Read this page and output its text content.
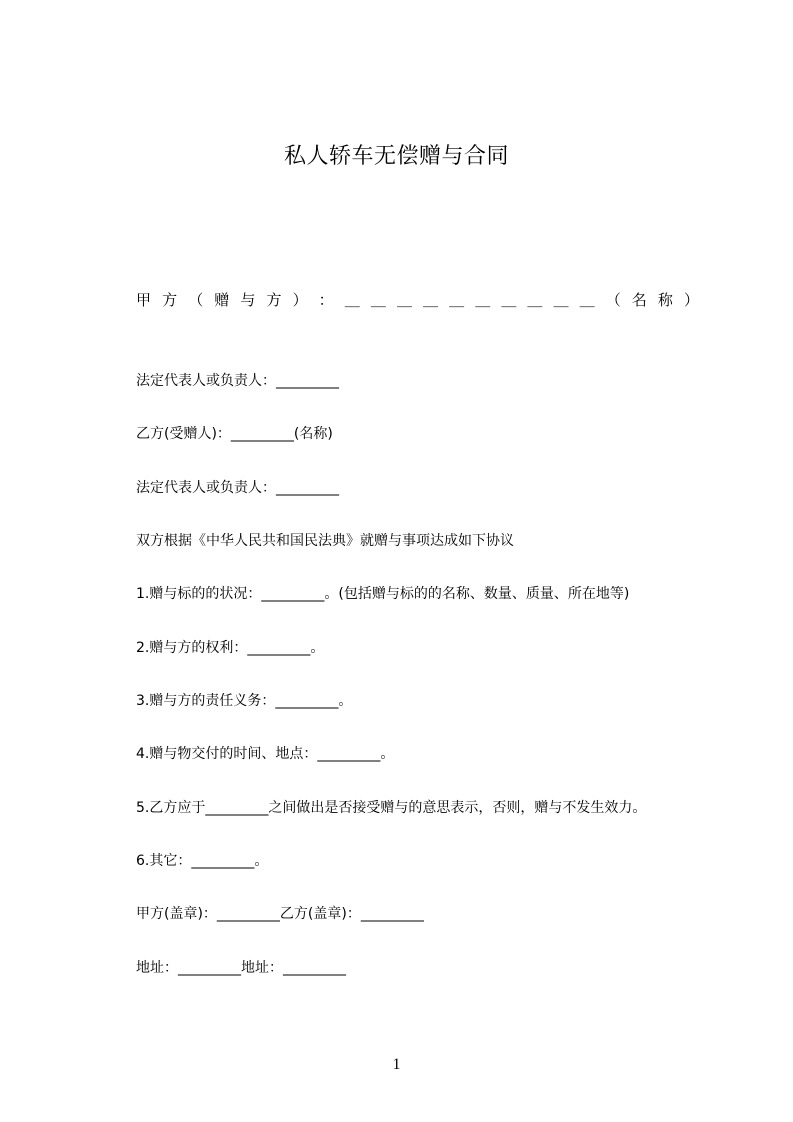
私人轿车无偿赠与合同
甲 方 （ 赠 与 方 ） ： ＿ ＿ ＿ ＿ ＿ ＿ ＿ ＿ ＿ ＿ （ 名 称 ）
法定代表人或负责人：_________
乙方(受赠人)：_________(名称)
法定代表人或负责人：_________
双方根据《中华人民共和国民法典》就赠与事项达成如下协议
1.赠与标的的状况：_________。(包括赠与标的的名称、数量、质量、所在地等)
2.赠与方的权利：_________。
3.赠与方的责任义务：_________。
4.赠与物交付的时间、地点：_________。
5.乙方应于_________之间做出是否接受赠与的意思表示，否则，赠与不发生效力。
6.其它：_________。
甲方(盖章)：_________乙方(盖章)：_________
地址：_________地址：_________
1
